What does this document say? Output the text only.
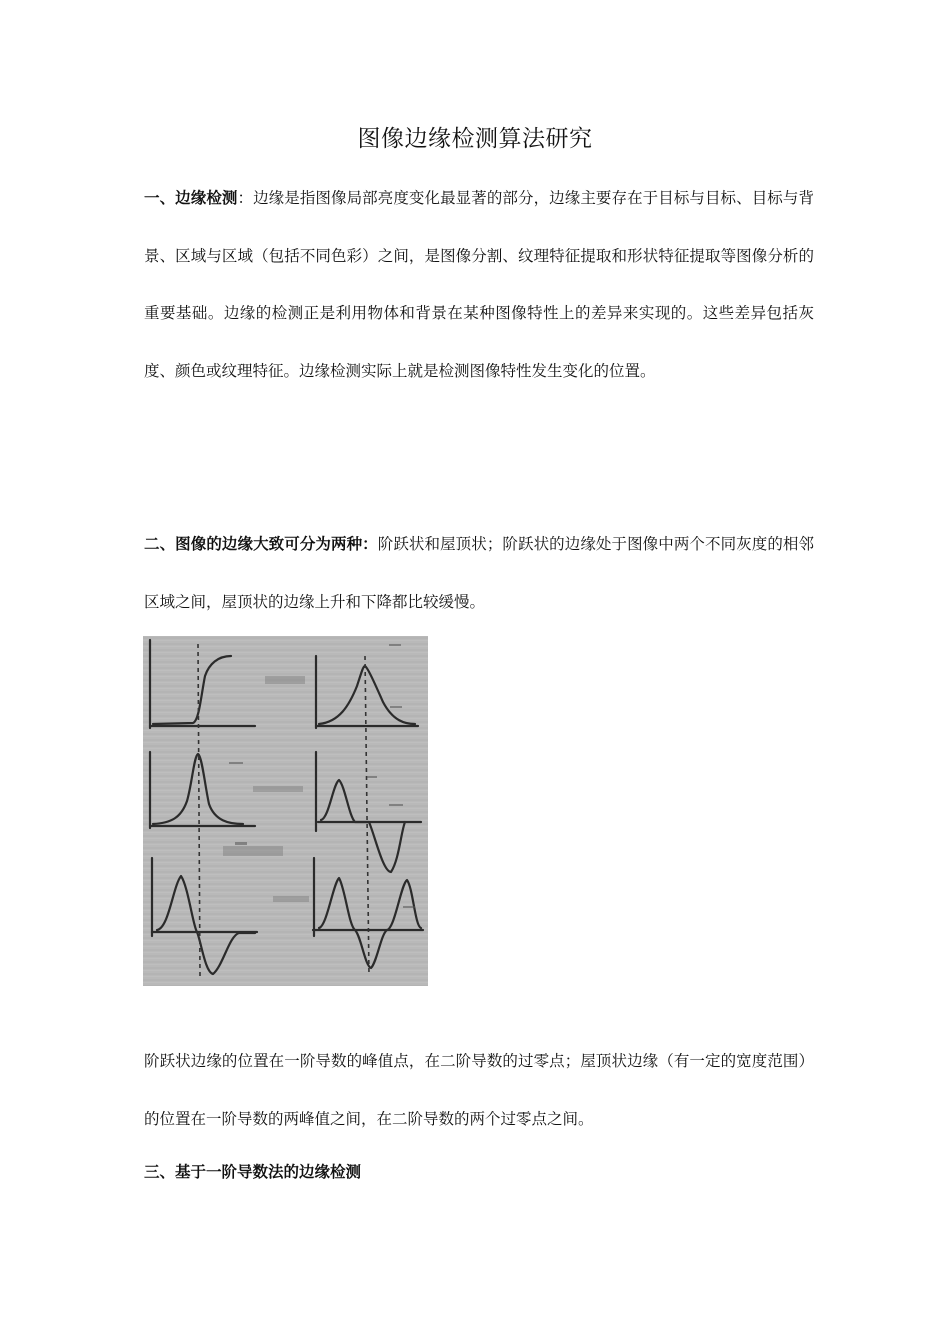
图像边缘检测算法研究

一、边缘检测：边缘是指图像局部亮度变化最显著的部分，边缘主要存在于目标与目标、目标与背景、区域与区域（包括不同色彩）之间，是图像分割、纹理特征提取和形状特征提取等图像分析的重要基础。边缘的检测正是利用物体和背景在某种图像特性上的差异来实现的。这些差异包括灰度、颜色或纹理特征。边缘检测实际上就是检测图像特性发生变化的位置。

二、图像的边缘大致可分为两种：阶跃状和屋顶状；阶跃状的边缘处于图像中两个不同灰度的相邻区域之间，屋顶状的边缘上升和下降都比较缓慢。

阶跃状边缘的位置在一阶导数的峰值点，在二阶导数的过零点；屋顶状边缘（有一定的宽度范围）的位置在一阶导数的两峰值之间，在二阶导数的两个过零点之间。

三、基于一阶导数法的边缘检测
